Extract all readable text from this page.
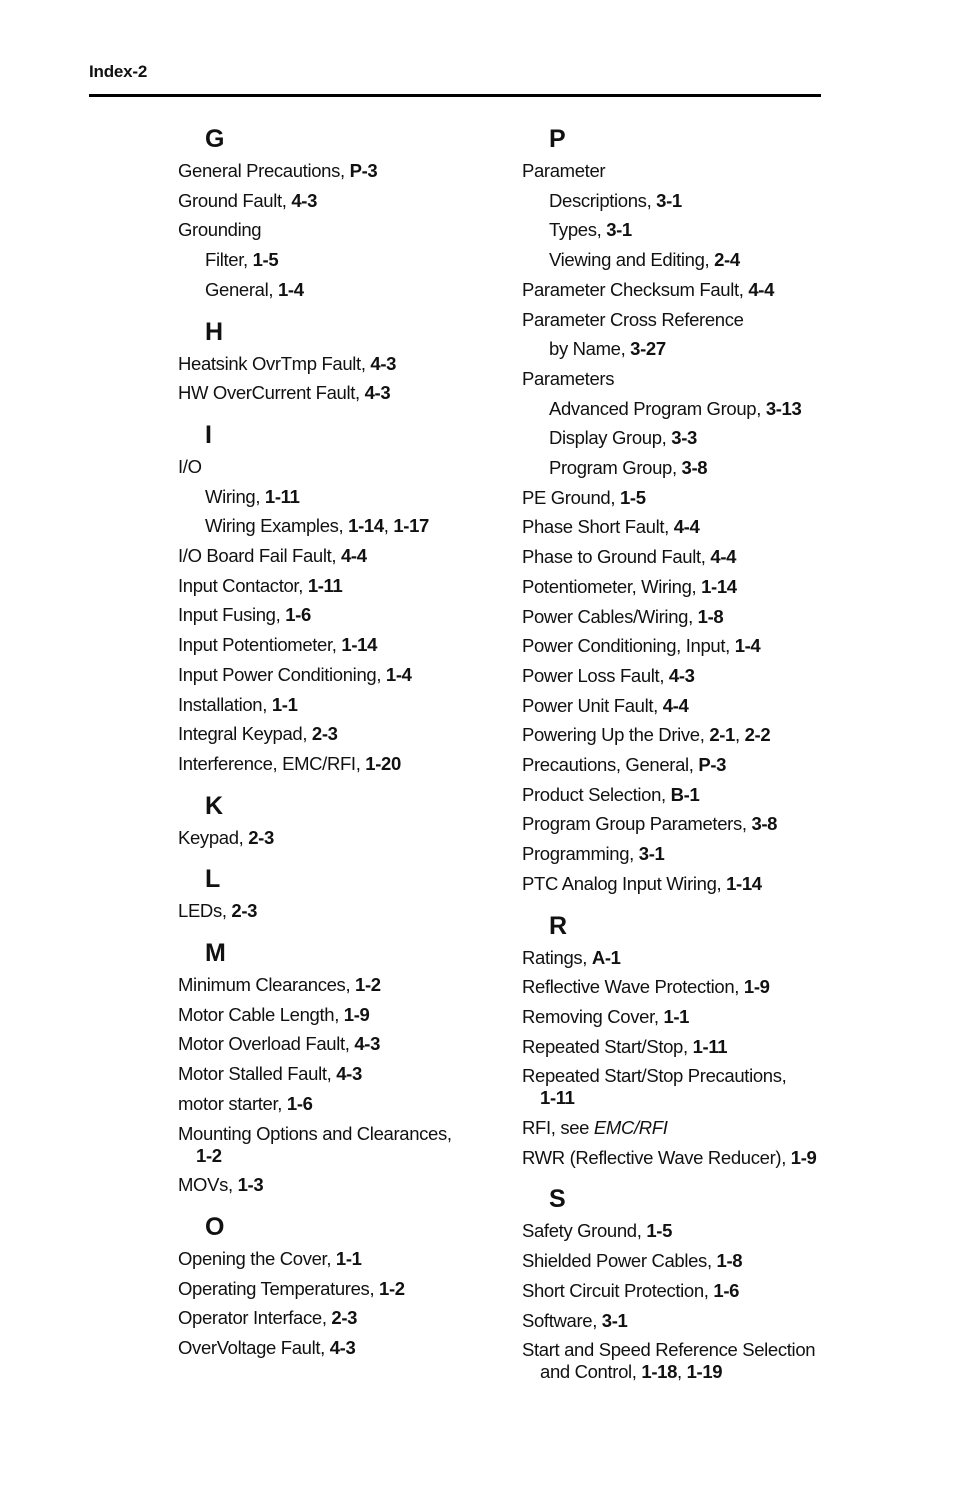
Index-2
G
General Precautions, P-3
Ground Fault, 4-3
Grounding
Filter, 1-5
General, 1-4
H
Heatsink OvrTmp Fault, 4-3
HW OverCurrent Fault, 4-3
I
I/O
Wiring, 1-11
Wiring Examples, 1-14, 1-17
I/O Board Fail Fault, 4-4
Input Contactor, 1-11
Input Fusing, 1-6
Input Potentiometer, 1-14
Input Power Conditioning, 1-4
Installation, 1-1
Integral Keypad, 2-3
Interference, EMC/RFI, 1-20
K
Keypad, 2-3
L
LEDs, 2-3
M
Minimum Clearances, 1-2
Motor Cable Length, 1-9
Motor Overload Fault, 4-3
Motor Stalled Fault, 4-3
motor starter, 1-6
Mounting Options and Clearances,
1-2
MOVs, 1-3
O
Opening the Cover, 1-1
Operating Temperatures, 1-2
Operator Interface, 2-3
OverVoltage Fault, 4-3
P
Parameter
Descriptions, 3-1
Types, 3-1
Viewing and Editing, 2-4
Parameter Checksum Fault, 4-4
Parameter Cross Reference
by Name, 3-27
Parameters
Advanced Program Group, 3-13
Display Group, 3-3
Program Group, 3-8
PE Ground, 1-5
Phase Short Fault, 4-4
Phase to Ground Fault, 4-4
Potentiometer, Wiring, 1-14
Power Cables/Wiring, 1-8
Power Conditioning, Input, 1-4
Power Loss Fault, 4-3
Power Unit Fault, 4-4
Powering Up the Drive, 2-1, 2-2
Precautions, General, P-3
Product Selection, B-1
Program Group Parameters, 3-8
Programming, 3-1
PTC Analog Input Wiring, 1-14
R
Ratings, A-1
Reflective Wave Protection, 1-9
Removing Cover, 1-1
Repeated Start/Stop, 1-11
Repeated Start/Stop Precautions,
1-11
RFI, see EMC/RFI
RWR (Reflective Wave Reducer), 1-9
S
Safety Ground, 1-5
Shielded Power Cables, 1-8
Short Circuit Protection, 1-6
Software, 3-1
Start and Speed Reference Selection
and Control, 1-18, 1-19
